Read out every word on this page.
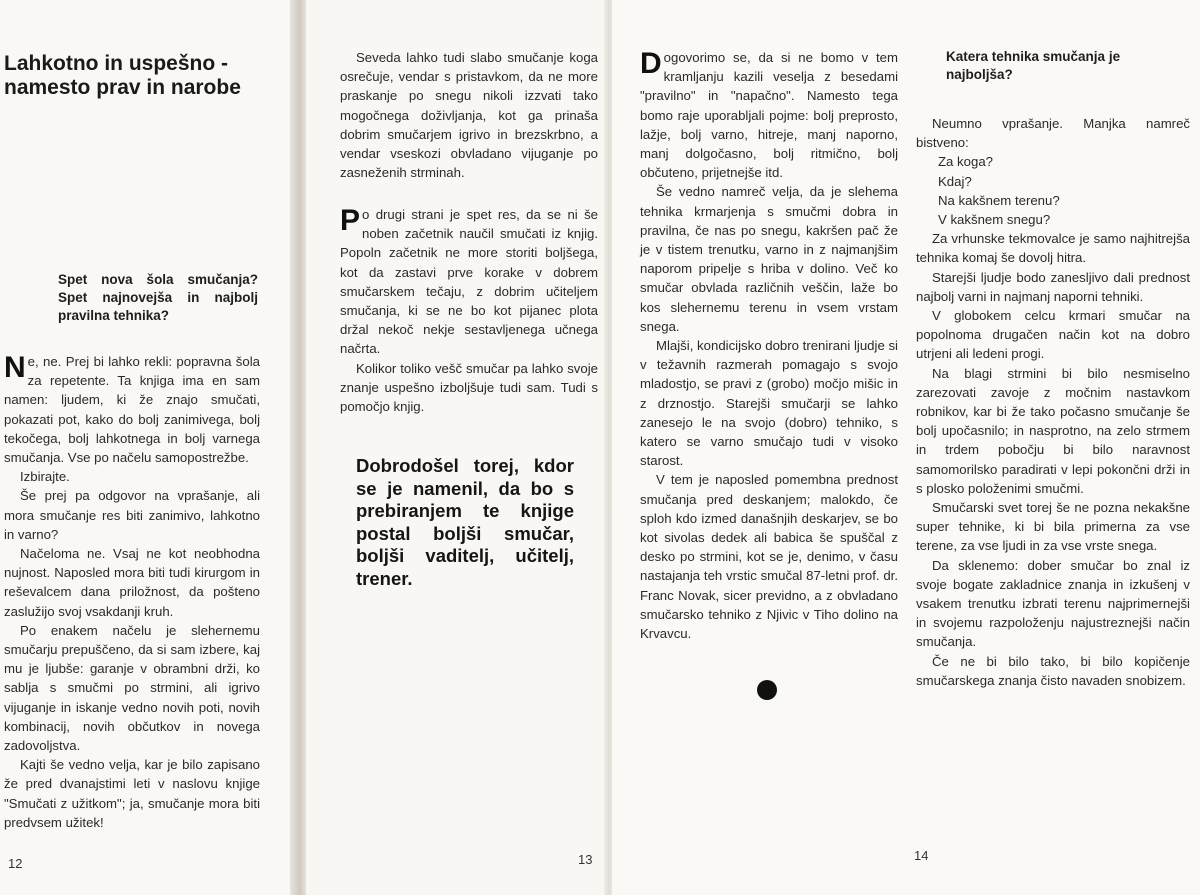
Lahkotno in uspešno - namesto prav in narobe

Spet nova šola smučanja? Spet najnovejša in najbolj pravilna tehnika?

Ne, ne. Prej bi lahko rekli: popravna šola za repetente. Ta knjiga ima en sam namen: ljudem, ki že znajo smučati, pokazati pot, kako do bolj zanimivega, bolj tekočega, bolj lahkotnega in bolj varnega smučanja. Vse po načelu samopostrežbe.

Izbirajte.

Še prej pa odgovor na vprašanje, ali mora smučanje res biti zanimivo, lahkotno in varno?

Načeloma ne. Vsaj ne kot neobhodna nujnost. Naposled mora biti tudi kirurgom in reševalcem dana priložnost, da pošteno zaslužijo svoj vsakdanji kruh.

Po enakem načelu je slehernemu smučarju prepuščeno, da si sam izbere, kaj mu je ljubše: garanje v obrambni drži, ko sablja s smučmi po strmini, ali igrivo vijuganje in iskanje vedno novih poti, novih kombinacij, novih občutkov in novega zadovoljstva.

Kajti še vedno velja, kar je bilo zapisano že pred dvanajstimi leti v naslovu knjige "Smučati z užitkom"; ja, smučanje mora biti predvsem užitek!

12

Seveda lahko tudi slabo smučanje koga osrečuje, vendar s pristavkom, da ne more praskanje po snegu nikoli izzvati tako mogočnega doživljanja, kot ga prinaša dobrim smučarjem igrivo in brezskrbno, a vendar vseskozi obvladano vijuganje po zasneženih strminah.

Po drugi strani je spet res, da se ni še noben začetnik naučil smučati iz knjig. Popoln začetnik ne more storiti boljšega, kot da zastavi prve korake v dobrem smučarskem tečaju, z dobrim učiteljem smučanja, ki se ne bo kot pijanec plota držal nekoč nekje sestavljenega učnega načrta.

Kolikor toliko vešč smučar pa lahko svoje znanje uspešno izboljšuje tudi sam. Tudi s pomočjo knjig.

13

Dobrodošel torej, kdor se je namenil, da bo s prebiranjem te knjige postal boljši smučar, boljši vaditelj, učitelj, trener.

Dogovorimo se, da si ne bomo v tem kramljanju kazili veselja z besedami "pravilno" in "napačno". Namesto tega bomo raje uporabljali pojme: bolj preprosto, lažje, bolj varno, hitreje, manj naporno, manj dolgočasno, bolj ritmično, bolj občuteno, prijetnejše itd.

Še vedno namreč velja, da je slehema tehnika krmarjenja s smučmi dobra in pravilna, če nas po snegu, kakršen pač že je v tistem trenutku, varno in z najmanjšim naporom pripelje s hriba v dolino. Več ko smučar obvlada različnih veščin, laže bo kos slehernemu terenu in vsem vrstam snega.

Mlajši, kondicijsko dobro trenirani ljudje si v težavnih razmerah pomagajo s svojo mladostjo, se pravi z (grobo) močjo mišic in z drznostjo. Starejši smučarji se lahko zanesejo le na svojo (dobro) tehniko, s katero se varno smučajo tudi v visoko starost.

V tem je naposled pomembna prednost smučanja pred deskanjem; malokdo, če sploh kdo izmed današnjih deskarjev, se bo kot sivolas dedek ali babica še spuščal z desko po strmini, kot se je, denimo, v času nastajanja teh vrstic smučal 87-letni prof. dr. Franc Novak, sicer previdno, a z obvladano smučarsko tehniko z Njivic v Tiho dolino na Krvavcu.

Katera tehnika smučanja je najboljša?

Neumno vprašanje. Manjka namreč bistveno:

Za koga?

Kdaj?

Na kakšnem terenu?

V kakšnem snegu?

Za vrhunske tekmovalce je samo najhitrejša tehnika komaj še dovolj hitra.

Starejši ljudje bodo zanesljivo dali prednost najbolj varni in najmanj naporni tehniki.

V globokem celcu krmari smučar na popolnoma drugačen način kot na dobro utrjeni ali ledeni progi.

Na blagi strmini bi bilo nesmiselno zarezovati zavoje z močnim nastavkom robnikov, kar bi že tako počasno smučanje še bolj upočasnilo; in nasprotno, na zelo strmem in trdem pobočju bi bilo naravnost samomorilsko paradirati v lepi pokončni drži in s plosko položenimi smučmi.

Smučarski svet torej še ne pozna nekakšne super tehnike, ki bi bila primerna za vse terene, za vse ljudi in za vse vrste snega.

Da sklenemo: dober smučar bo znal iz svoje bogate zakladnice znanja in izkušenj v vsakem trenutku izbrati terenu najprimernejši in svojemu razpoloženju najustreznejši način smučanja.

Če ne bi bilo tako, bi bilo kopičenje smučarskega znanja čisto navaden snobizem.

14
